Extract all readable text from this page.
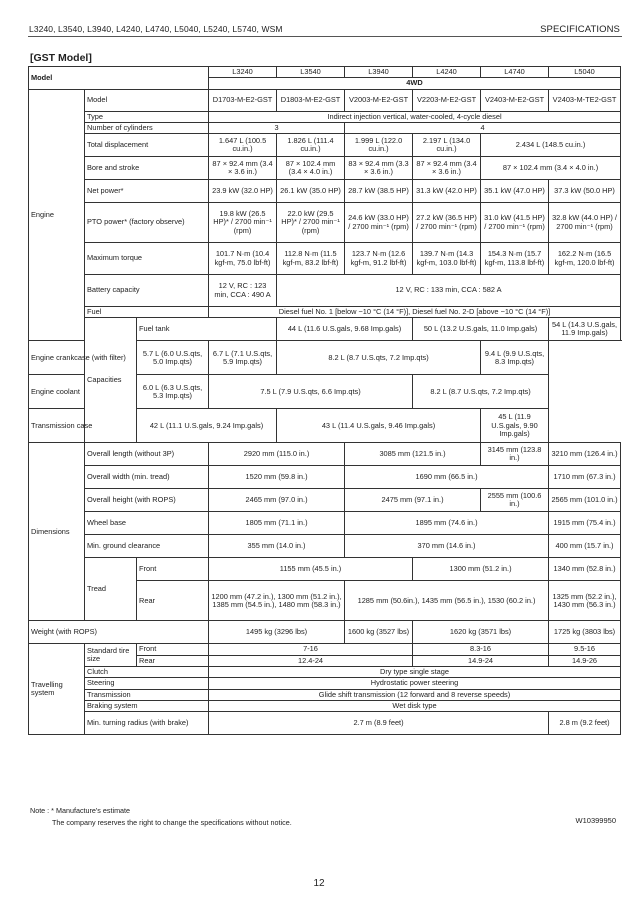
L3240, L3540, L3940, L4240, L4740, L5040, L5240, L5740, WSM	SPECIFICATIONS
[GST Model]
Model			L3240	L3540	L3940	L4240	L4740	L5040
			4WD					
Engine	Model		D1703-M-E2-GST	D1803-M-E2-GST	V2003-M-E2-GST	V2203-M-E2-GST	V2403-M-E2-GST	V2403-M-TE2-GST
	Type		Indirect injection vertical, water-cooled, 4-cycle diesel					
	Number of cylinders		3		4			
	Total displacement		1.647 L (100.5 cu.in.)	1.826 L (111.4 cu.in.)	1.999 L (122.0 cu.in.)	2.197 L (134.0 cu.in.)	2.434 L (148.5 cu.in.)	
	Bore and stroke		87 × 92.4 mm (3.4 × 3.6 in.)	87 × 102.4 mm (3.4 × 4.0 in.)	83 × 92.4 mm (3.3 × 3.6 in.)	87 × 92.4 mm (3.4 × 3.6 in.)	87 × 102.4 mm (3.4 × 4.0 in.)	
	Net power*		23.9 kW (32.0 HP)	26.1 kW (35.0 HP)	28.7 kW (38.5 HP)	31.3 kW (42.0 HP)	35.1 kW (47.0 HP)	37.3 kW (50.0 HP)
	PTO power* (factory observe)		19.8 kW (26.5 HP)* / 2700 min⁻¹ (rpm)	22.0 kW (29.5 HP)* / 2700 min⁻¹ (rpm)	24.6 kW (33.0 HP) / 2700 min⁻¹ (rpm)	27.2 kW (36.5 HP) / 2700 min⁻¹ (rpm)	31.0 kW (41.5 HP) / 2700 min⁻¹ (rpm)	32.8 kW (44.0 HP) / 2700 min⁻¹ (rpm)
	Maximum torque		101.7 N·m (10.4 kgf-m, 75.0 lbf-ft)	112.8 N·m (11.5 kgf-m, 83.2 lbf-ft)	123.7 N·m (12.6 kgf-m, 91.2 lbf-ft)	139.7 N·m (14.3 kgf-m, 103.0 lbf-ft)	154.3 N·m (15.7 kgf-m, 113.8 lbf-ft)	162.2 N·m (16.5 kgf-m, 120.0 lbf-ft)
	Battery capacity		12 V, RC : 123 min, CCA : 490 A	12 V, RC : 133 min, CCA : 582 A				
	Fuel		Diesel fuel No. 1 [below −10 °C (14 °F)], Diesel fuel No. 2-D [above −10 °C (14 °F)]					
	Capacities	Fuel tank		44 L (11.6 U.S.gals, 9.68 Imp.gals)		50 L (13.2 U.S.gals, 11.0 Imp.gals)		54 L (14.3 U.S.gals, 11.9 Imp.gals)
Engine crankcase (with filter)		5.7 L (6.0 U.S.qts, 5.0 Imp.qts)	6.7 L (7.1 U.S.qts, 5.9 Imp.qts)	8.2 L (8.7 U.S.qts, 7.2 Imp.qts)			9.4 L (9.9 U.S.qts, 8.3 Imp.qts)	
Engine coolant		6.0 L (6.3 U.S.qts, 5.3 Imp.qts)	7.5 L (7.9 U.S.qts, 6.6 Imp.qts)			8.2 L (8.7 U.S.qts, 7.2 Imp.qts)		
Transmission case		42 L (11.1 U.S.gals, 9.24 Imp.gals)		43 L (11.4 U.S.gals, 9.46 Imp.gals)			45 L (11.9 U.S.gals, 9.90 Imp.gals)	
Dimensions	Overall length (without 3P)		2920 mm (115.0 in.)		3085 mm (121.5 in.)		3145 mm (123.8 in.)	3210 mm (126.4 in.)
	Overall width (min. tread)		1520 mm (59.8 in.)		1690 mm (66.5 in.)			1710 mm (67.3 in.)
	Overall height (with ROPS)		2465 mm (97.0 in.)		2475 mm (97.1 in.)		2555 mm (100.6 in.)	2565 mm (101.0 in.)
	Wheel base		1805 mm (71.1 in.)		1895 mm (74.6 in.)			1915 mm (75.4 in.)
	Min. ground clearance		355 mm (14.0 in.)		370 mm (14.6 in.)			400 mm (15.7 in.)
	Tread	Front	1155 mm (45.5 in.)			1300 mm (51.2 in.)		1340 mm (52.8 in.)
		Rear	1200 mm (47.2 in.), 1300 mm (51.2 in.), 1385 mm (54.5 in.), 1480 mm (58.3 in.)		1285 mm (50.6in.), 1435 mm (56.5 in.), 1530 (60.2 in.)			1325 mm (52.2 in.), 1430 mm (56.3 in.)
Weight (with ROPS)			1495 kg (3296 lbs)		1600 kg (3527 lbs)	1620 kg (3571 lbs)		1725 kg (3803 lbs)
Travelling system	Standard tire size	Front	7-16			8.3-16		9.5-16
		Rear	12.4-24			14.9-24		14.9-26
	Clutch		Dry type single stage					
	Steering		Hydrostatic power steering					
	Transmission		Glide shift transmission (12 forward and 8 reverse speeds)					
	Braking system		Wet disk type					
	Min. turning radius (with brake)		2.7 m (8.9 feet)					2.8 m (9.2 feet)
Note : * Manufacture's estimate
The company reserves the right to change the specifications without notice.	W10399950
12
